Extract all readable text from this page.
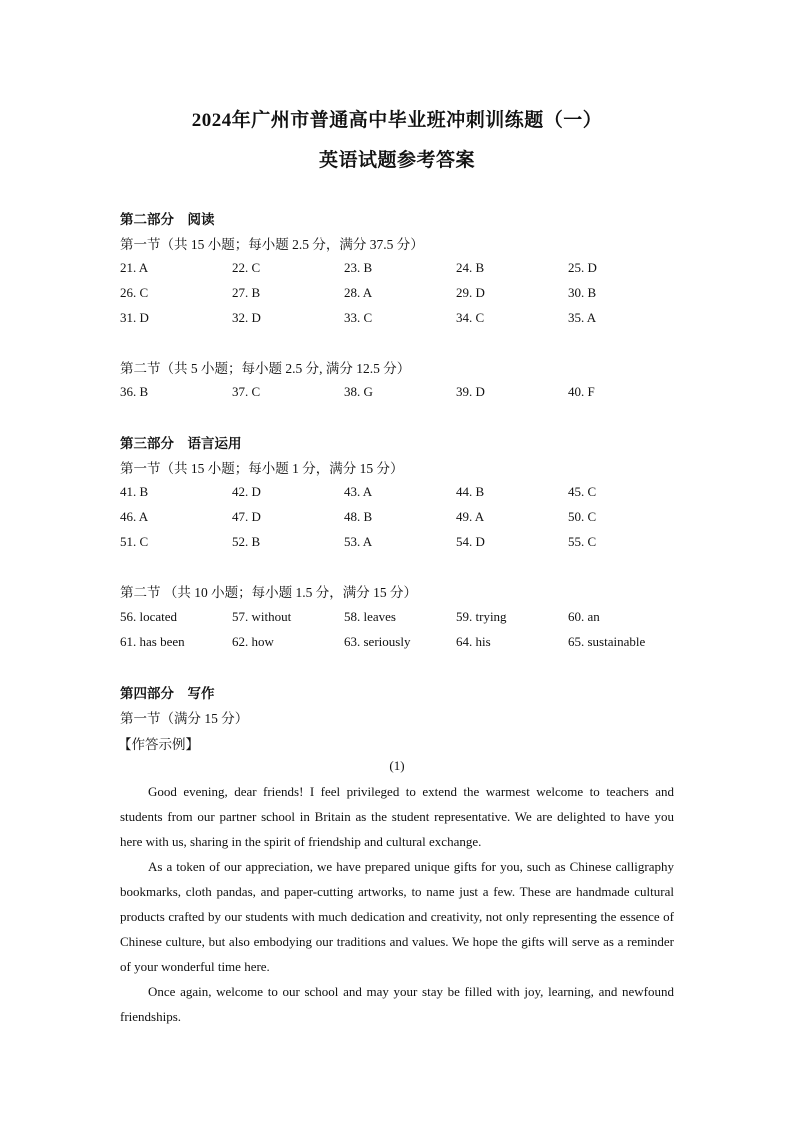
2024年广州市普通高中毕业班冲刺训练题（一）
英语试题参考答案
第二部分　阅读
第一节（共 15 小题；每小题 2.5 分，满分 37.5 分）
21. A	22. C	23. B	24. B	25. D
26. C	27. B	28. A	29. D	30. B
31. D	32. D	33. C	34. C	35. A
第二节（共 5 小题；每小题 2.5 分, 满分 12.5 分）
36. B	37. C	38. G	39. D	40. F
第三部分　语言运用
第一节（共 15 小题；每小题 1 分，满分 15 分）
41. B	42. D	43. A	44. B	45. C
46. A	47. D	48. B	49. A	50. C
51. C	52. B	53. A	54. D	55. C
第二节 （共 10 小题；每小题 1.5 分，满分 15 分）
56. located	57. without	58. leaves	59. trying	60. an
61. has been	62. how	63. seriously	64. his	65. sustainable
第四部分　写作
第一节（满分 15 分）
【作答示例】
(1)

Good evening, dear friends! I feel privileged to extend the warmest welcome to teachers and students from our partner school in Britain as the student representative. We are delighted to have you here with us, sharing in the spirit of friendship and cultural exchange.

As a token of our appreciation, we have prepared unique gifts for you, such as Chinese calligraphy bookmarks, cloth pandas, and paper-cutting artworks, to name just a few. These are handmade cultural products crafted by our students with much dedication and creativity, not only representing the essence of Chinese culture, but also embodying our traditions and values. We hope the gifts will serve as a reminder of your wonderful time here.

Once again, welcome to our school and may your stay be filled with joy, learning, and newfound friendships.
